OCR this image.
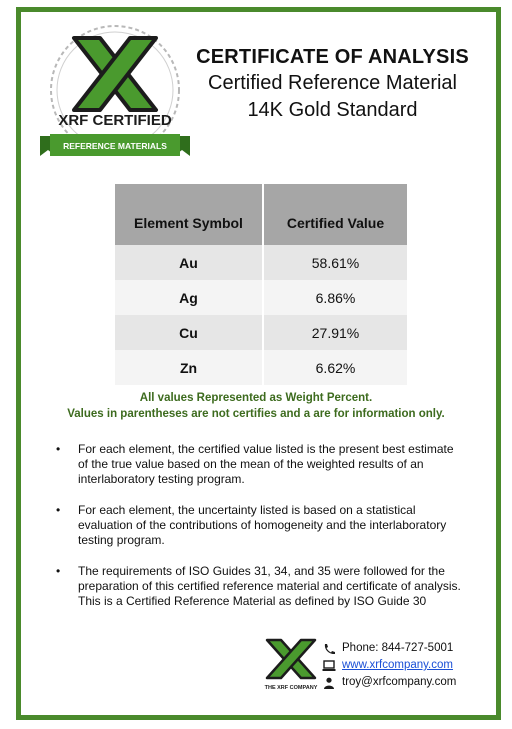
XRF CERTIFIED
REFERENCE MATERIALS
CERTIFICATE OF ANALYSIS
Certified Reference Material
14K Gold Standard
Element Symbol	Certified Value
Au	58.61%
Ag	6.86%
Cu	27.91%
Zn	6.62%
All values Represented as Weight Percent.
Values in parentheses are not certifies and a are for information only.
• For each element, the certified value listed is the present best estimate of the true value based on the mean of the weighted results of an interlaboratory testing program.
• For each element, the uncertainty listed is based on a statistical evaluation of the contributions of homogeneity and the interlaboratory testing program.
• The requirements of ISO Guides 31, 34, and 35 were followed for the preparation of this certified reference material and certificate of analysis. This is a Certified Reference Material as defined by ISO Guide 30
THE XRF COMPANY
Phone: 844-727-5001
www.xrfcompany.com
troy@xrfcompany.com
